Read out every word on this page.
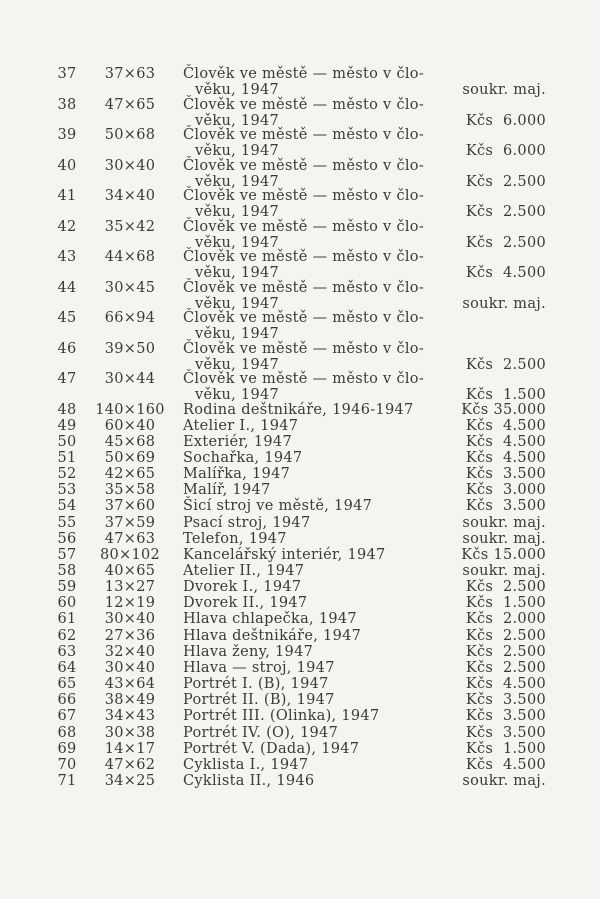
37	37×63	Člověk ve městě — město v člo-
věku, 1947	soukr. maj.
38	47×65	Člověk ve městě — město v člo-
věku, 1947	Kčs  6.000
39	50×68	Člověk ve městě — město v člo-
věku, 1947	Kčs  6.000
40	30×40	Člověk ve městě — město v člo-
věku, 1947	Kčs  2.500
41	34×40	Člověk ve městě — město v člo-
věku, 1947	Kčs  2.500
42	35×42	Člověk ve městě — město v člo-
věku, 1947	Kčs  2.500
43	44×68	Člověk ve městě — město v člo-
věku, 1947	Kčs  4.500
44	30×45	Člověk ve městě — město v člo-
věku, 1947	soukr. maj.
45	66×94	Člověk ve městě — město v člo-
věku, 1947
46	39×50	Člověk ve městě — město v člo-
věku, 1947	Kčs  2.500
47	30×44	Člověk ve městě — město v člo-
věku, 1947	Kčs  1.500
48	140×160 Rodina deštnikáře, 1946-1947	Kčs 35.000
49	60×40	Atelier I., 1947	Kčs  4.500
50	45×68	Exteriér, 1947	Kčs  4.500
51	50×69	Sochařka, 1947	Kčs  4.500
52	42×65	Malířka, 1947	Kčs  3.500
53	35×58	Malíř, 1947	Kčs  3.000
54	37×60	Šicí stroj ve městě, 1947	Kčs  3.500
55	37×59	Psací stroj, 1947	soukr. maj.
56	47×63	Telefon, 1947	soukr. maj.
57	80×102	Kancelářský interiér, 1947	Kčs 15.000
58	40×65	Atelier II., 1947	soukr. maj.
59	13×27	Dvorek I., 1947	Kčs  2.500
60	12×19	Dvorek II., 1947	Kčs  1.500
61	30×40	Hlava chlapečka, 1947	Kčs  2.000
62	27×36	Hlava deštnikáře, 1947	Kčs  2.500
63	32×40	Hlava ženy, 1947	Kčs  2.500
64	30×40	Hlava — stroj, 1947	Kčs  2.500
65	43×64	Portrét I. (B), 1947	Kčs  4.500
66	38×49	Portrét II. (B), 1947	Kčs  3.500
67	34×43	Portrét III. (Olinka), 1947	Kčs  3.500
68	30×38	Portrét IV. (O), 1947	Kčs  3.500
69	14×17	Portrét V. (Dada), 1947	Kčs  1.500
70	47×62	Cyklista I., 1947	Kčs  4.500
71	34×25	Cyklista II., 1946	soukr. maj.
